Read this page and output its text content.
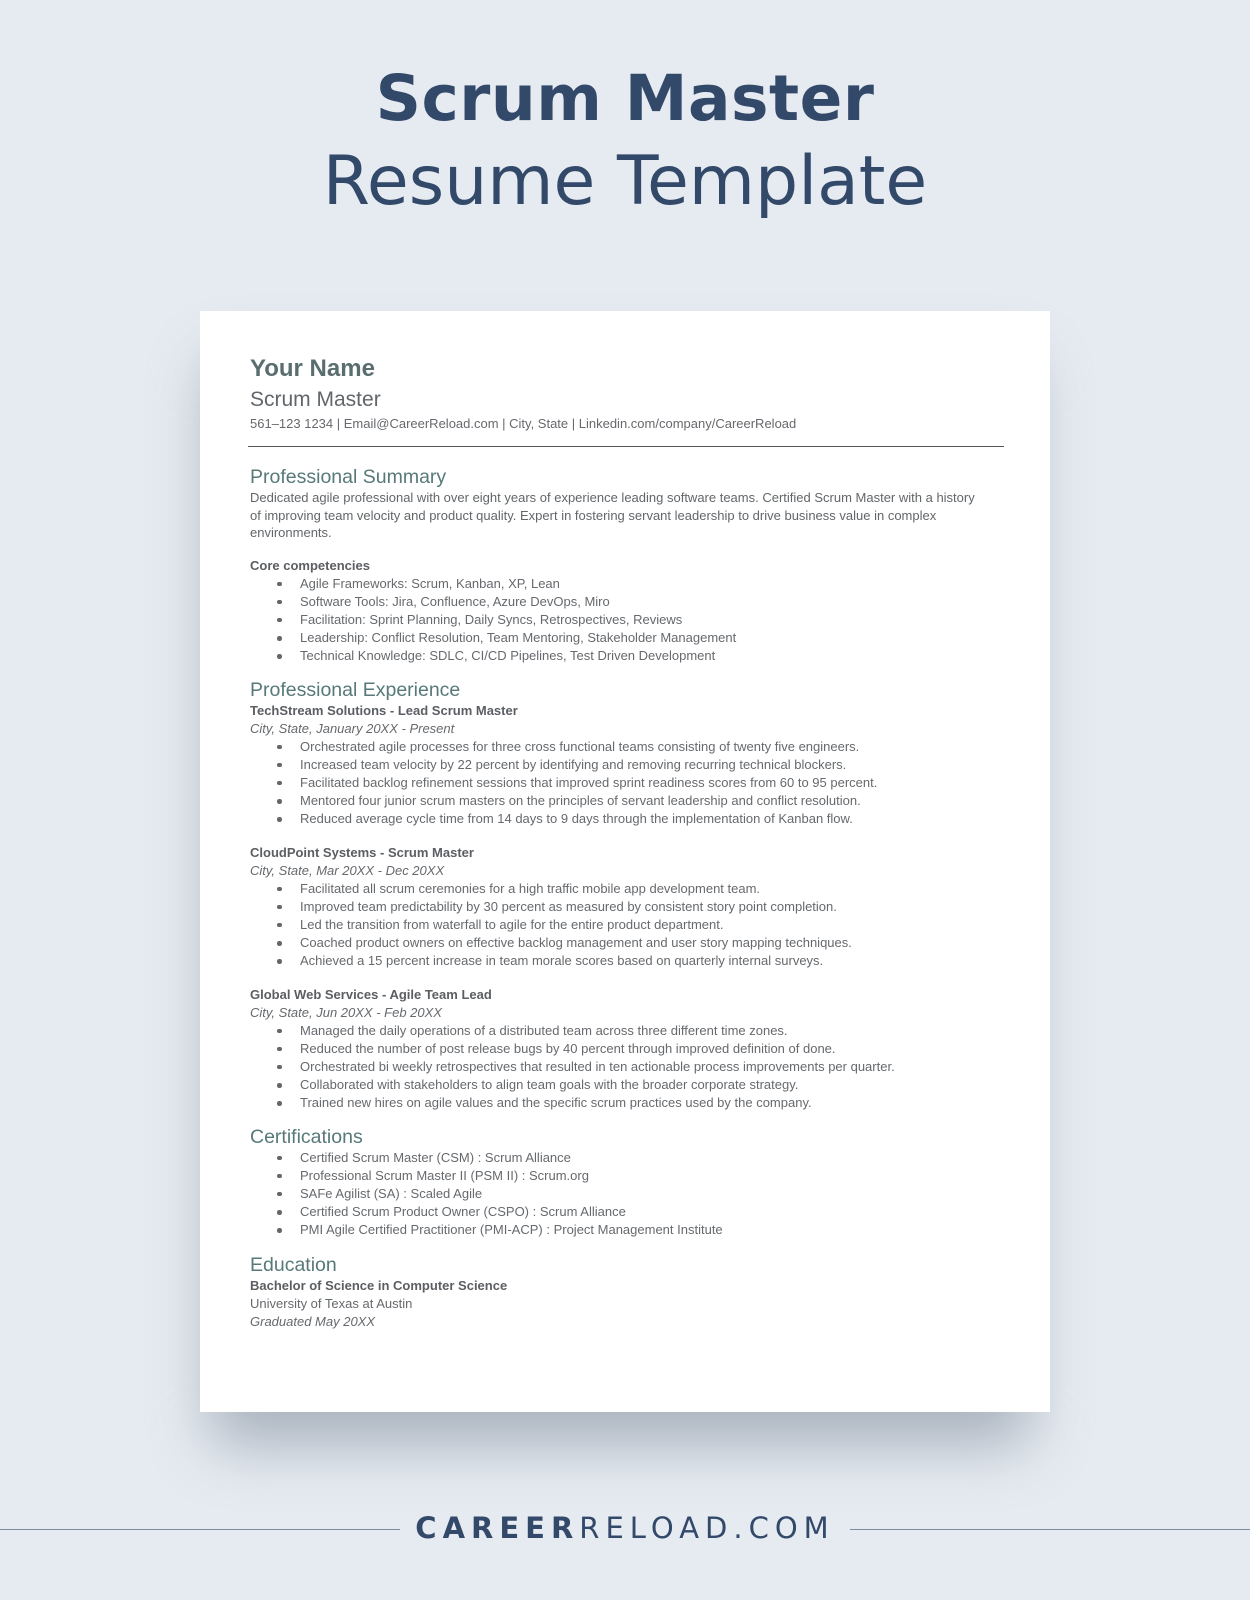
Scrum Master
Resume Template
Your Name
Scrum Master
561–123 1234 | Email@CareerReload.com | City, State | Linkedin.com/company/CareerReload
Professional Summary
Dedicated agile professional with over eight years of experience leading software teams. Certified Scrum Master with a history of improving team velocity and product quality. Expert in fostering servant leadership to drive business value in complex environments.
Core competencies
Agile Frameworks: Scrum, Kanban, XP, Lean
Software Tools: Jira, Confluence, Azure DevOps, Miro
Facilitation: Sprint Planning, Daily Syncs, Retrospectives, Reviews
Leadership: Conflict Resolution, Team Mentoring, Stakeholder Management
Technical Knowledge: SDLC, CI/CD Pipelines, Test Driven Development
Professional Experience
TechStream Solutions - Lead Scrum Master
City, State, January 20XX - Present
Orchestrated agile processes for three cross functional teams consisting of twenty five engineers.
Increased team velocity by 22 percent by identifying and removing recurring technical blockers.
Facilitated backlog refinement sessions that improved sprint readiness scores from 60 to 95 percent.
Mentored four junior scrum masters on the principles of servant leadership and conflict resolution.
Reduced average cycle time from 14 days to 9 days through the implementation of Kanban flow.
CloudPoint Systems - Scrum Master
City, State, Mar 20XX - Dec 20XX
Facilitated all scrum ceremonies for a high traffic mobile app development team.
Improved team predictability by 30 percent as measured by consistent story point completion.
Led the transition from waterfall to agile for the entire product department.
Coached product owners on effective backlog management and user story mapping techniques.
Achieved a 15 percent increase in team morale scores based on quarterly internal surveys.
Global Web Services - Agile Team Lead
City, State, Jun 20XX - Feb 20XX
Managed the daily operations of a distributed team across three different time zones.
Reduced the number of post release bugs by 40 percent through improved definition of done.
Orchestrated bi weekly retrospectives that resulted in ten actionable process improvements per quarter.
Collaborated with stakeholders to align team goals with the broader corporate strategy.
Trained new hires on agile values and the specific scrum practices used by the company.
Certifications
Certified Scrum Master (CSM) : Scrum Alliance
Professional Scrum Master II (PSM II) : Scrum.org
SAFe Agilist (SA) : Scaled Agile
Certified Scrum Product Owner (CSPO) : Scrum Alliance
PMI Agile Certified Practitioner (PMI-ACP) : Project Management Institute
Education
Bachelor of Science in Computer Science
University of Texas at Austin
Graduated May 20XX
CAREERRELOAD.COM
